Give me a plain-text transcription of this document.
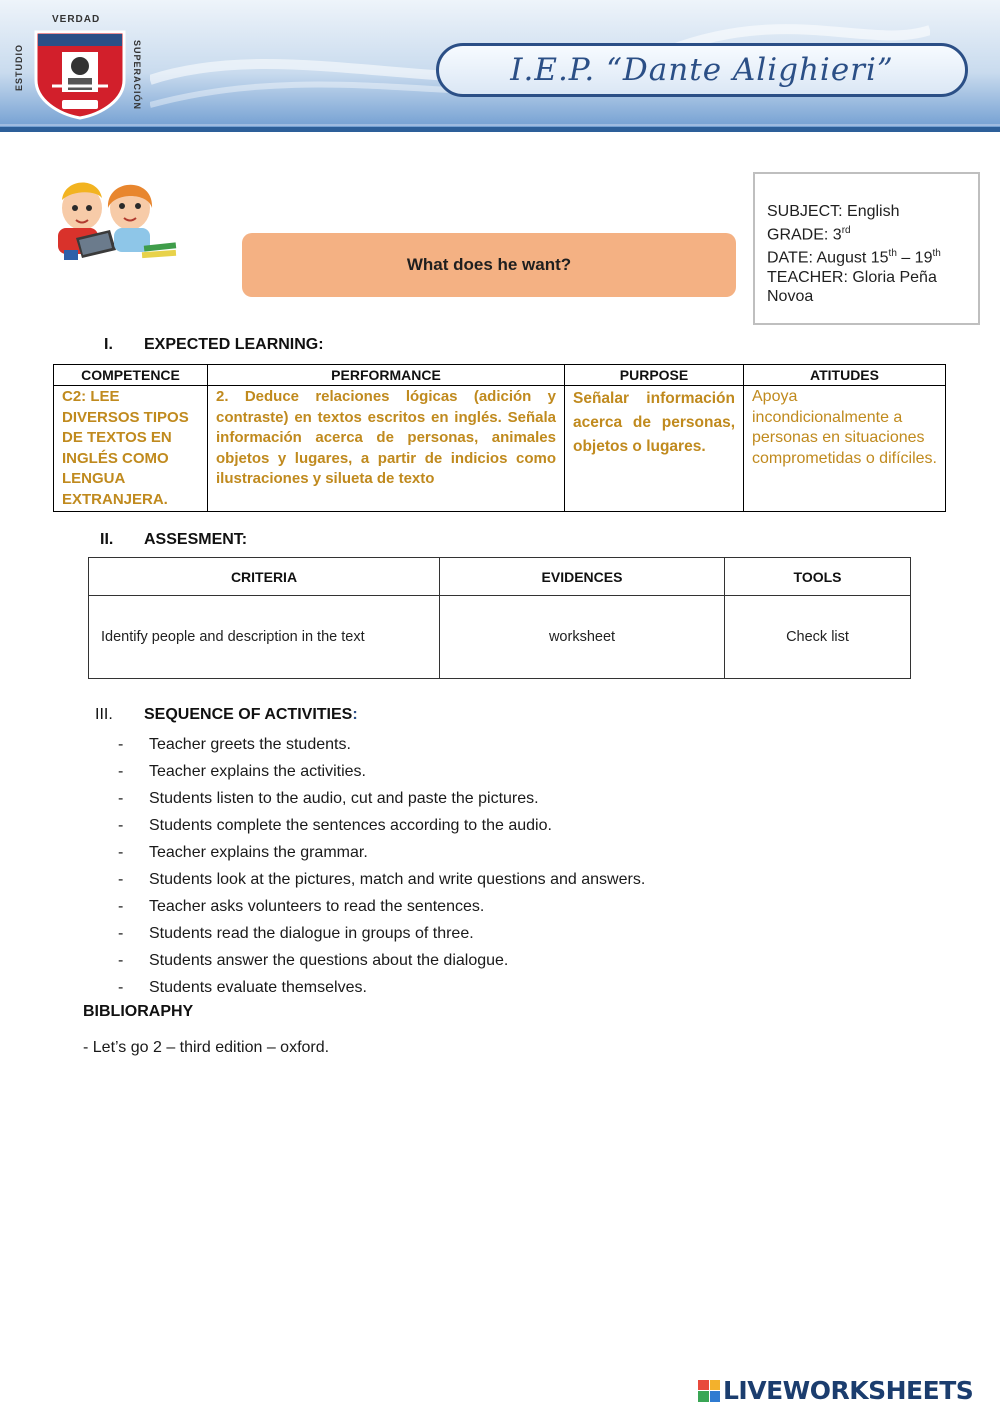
VERDAD
ESTUDIO	SUPERACIÓN	I.E.P. “Dante Alighieri”
What does he want?
SUBJECT: English
GRADE: 3rd
DATE: August 15th – 19th
TEACHER: Gloria Peña Novoa
I. EXPECTED LEARNING:
COMPETENCE	PERFORMANCE	PURPOSE	ATITUDES
C2: LEE DIVERSOS TIPOS DE TEXTOS EN INGLÉS COMO LENGUA EXTRANJERA.	2. Deduce relaciones lógicas (adición y contraste) en textos escritos en inglés. Señala información acerca de personas, animales objetos y lugares, a partir de indicios como ilustraciones y silueta de texto	Señalar información acerca de personas, objetos o lugares.	Apoya incondicionalmente a personas en situaciones comprometidas o difíciles.
II. ASSESMENT:
CRITERIA	EVIDENCES	TOOLS
Identify people and description in the text	worksheet	Check list
III. SEQUENCE OF ACTIVITIES:
-	Teacher greets the students.
-	Teacher explains the activities.
-	Students listen to the audio, cut and paste the pictures.
-	Students complete the sentences according to the audio.
-	Teacher explains the grammar.
-	Students look at the pictures, match and write questions and answers.
-	Teacher asks volunteers to read the sentences.
-	Students read the dialogue in groups of three.
-	Students answer the questions about the dialogue.
-	Students evaluate themselves.
BIBLIORAPHY
- Let’s go 2 – third edition – oxford.
LIVEWORKSHEETS
